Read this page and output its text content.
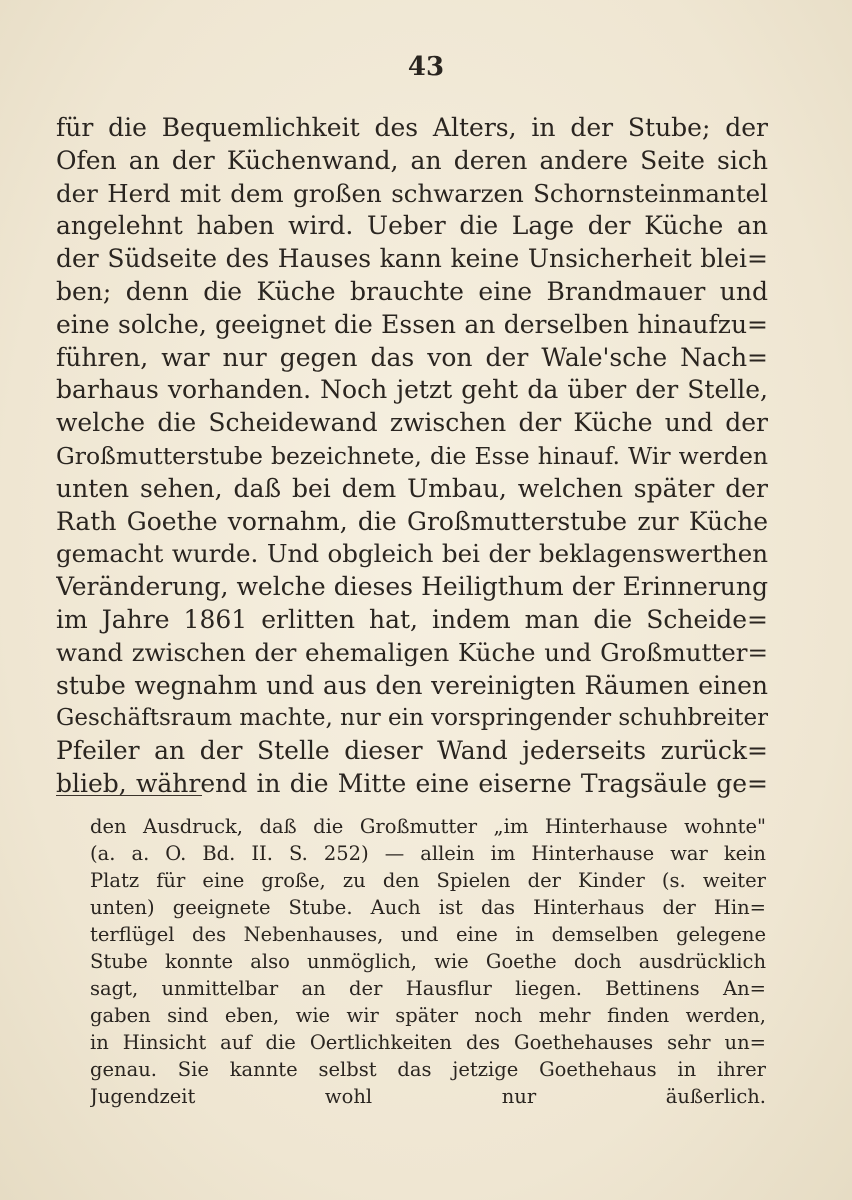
43
für die Bequemlichkeit des Alters, in der Stube; der
Ofen an der Küchenwand, an deren andere Seite sich
der Herd mit dem großen schwarzen Schornsteinmantel
angelehnt haben wird. Ueber die Lage der Küche an
der Südseite des Hauses kann keine Unsicherheit blei=
ben; denn die Küche brauchte eine Brandmauer und
eine solche, geeignet die Essen an derselben hinaufzu=
führen, war nur gegen das von der Wale'sche Nach=
barhaus vorhanden. Noch jetzt geht da über der Stelle,
welche die Scheidewand zwischen der Küche und der
Großmutterstube bezeichnete, die Esse hinauf. Wir werden
unten sehen, daß bei dem Umbau, welchen später der
Rath Goethe vornahm, die Großmutterstube zur Küche
gemacht wurde. Und obgleich bei der beklagenswerthen
Veränderung, welche dieses Heiligthum der Erinnerung
im Jahre 1861 erlitten hat, indem man die Scheide=
wand zwischen der ehemaligen Küche und Großmutter=
stube wegnahm und aus den vereinigten Räumen einen
Geschäftsraum machte, nur ein vorspringender schuhbreiter
Pfeiler an der Stelle dieser Wand jederseits zurück=
blieb, während in die Mitte eine eiserne Tragsäule ge=
den Ausdruck, daß die Großmutter „im Hinterhause wohnte"
(a. a. O. Bd. II. S. 252) — allein im Hinterhause war kein
Platz für eine große, zu den Spielen der Kinder (s. weiter
unten) geeignete Stube. Auch ist das Hinterhaus der Hin=
terflügel des Nebenhauses, und eine in demselben gelegene
Stube konnte also unmöglich, wie Goethe doch ausdrücklich
sagt, unmittelbar an der Hausflur liegen. Bettinens An=
gaben sind eben, wie wir später noch mehr finden werden,
in Hinsicht auf die Oertlichkeiten des Goethehauses sehr un=
genau. Sie kannte selbst das jetzige Goethehaus in ihrer
Jugendzeit wohl nur äußerlich.
